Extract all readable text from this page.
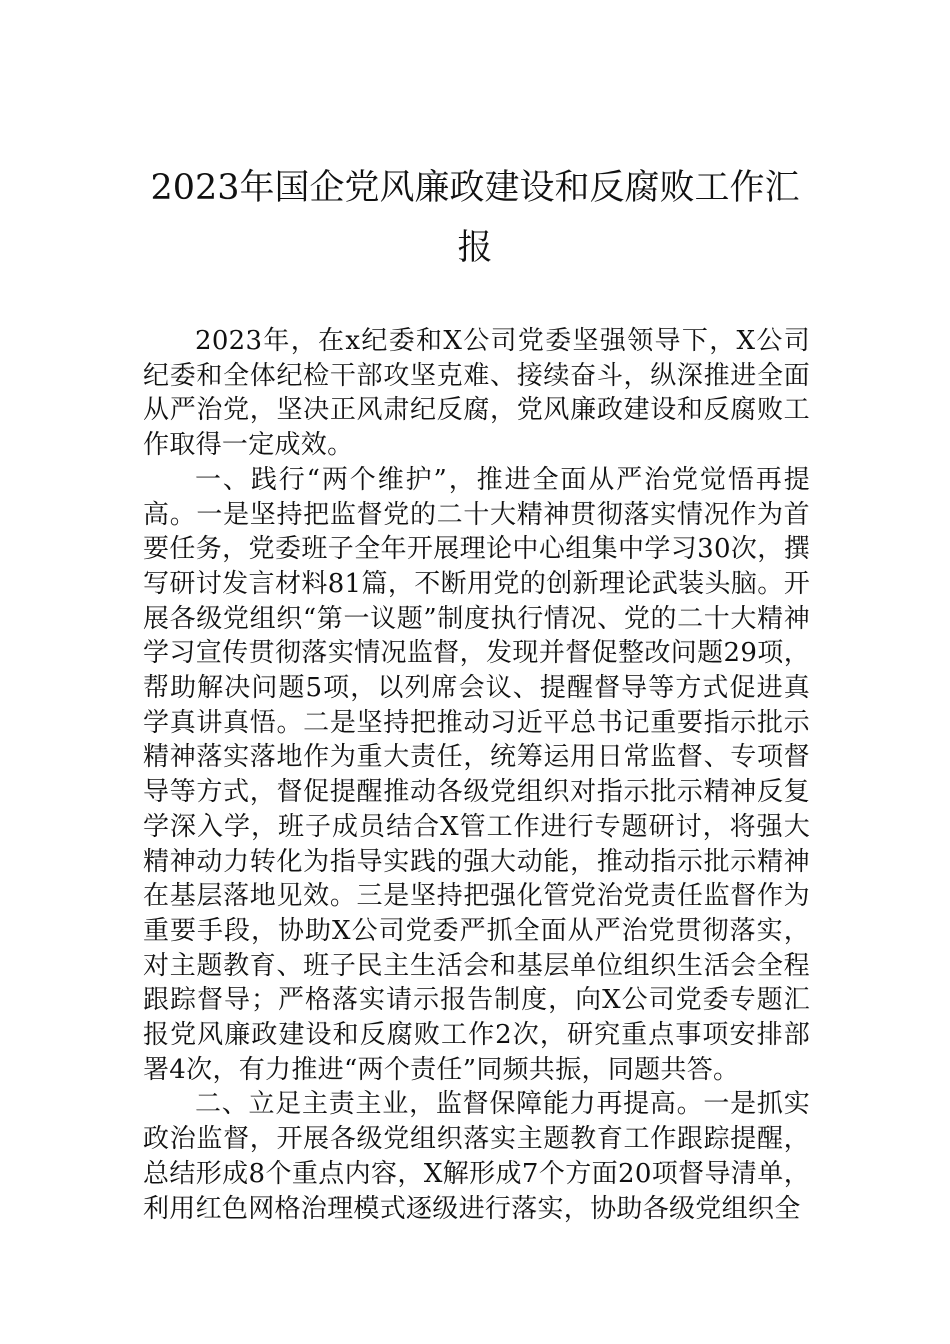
2023年国企党风廉政建设和反腐败工作汇报

2023年，在x纪委和X公司党委坚强领导下，X公司纪委和全体纪检干部攻坚克难、接续奋斗，纵深推进全面从严治党，坚决正风肃纪反腐，党风廉政建设和反腐败工作取得一定成效。

一、践行“两个维护”，推进全面从严治党觉悟再提高。一是坚持把监督党的二十大精神贯彻落实情况作为首要任务，党委班子全年开展理论中心组集中学习30次，撰写研讨发言材料81篇，不断用党的创新理论武装头脑。开展各级党组织“第一议题”制度执行情况、党的二十大精神学习宣传贯彻落实情况监督，发现并督促整改问题29项，帮助解决问题5项，以列席会议、提醒督导等方式促进真学真讲真悟。二是坚持把推动习近平总书记重要指示批示精神落实落地作为重大责任，统筹运用日常监督、专项督导等方式，督促提醒推动各级党组织对指示批示精神反复学深入学，班子成员结合X管工作进行专题研讨，将强大精神动力转化为指导实践的强大动能，推动指示批示精神在基层落地见效。三是坚持把强化管党治党责任监督作为重要手段，协助X公司党委严抓全面从严治党贯彻落实，对主题教育、班子民主生活会和基层单位组织生活会全程跟踪督导；严格落实请示报告制度，向X公司党委专题汇报党风廉政建设和反腐败工作2次，研究重点事项安排部署4次，有力推进“两个责任”同频共振，同题共答。

二、立足主责主业，监督保障能力再提高。一是抓实政治监督，开展各级党组织落实主题教育工作跟踪提醒，总结形成8个重点内容，X解形成7个方面20项督导清单，利用红色网格治理模式逐级进行落实，协助各级党组织全
